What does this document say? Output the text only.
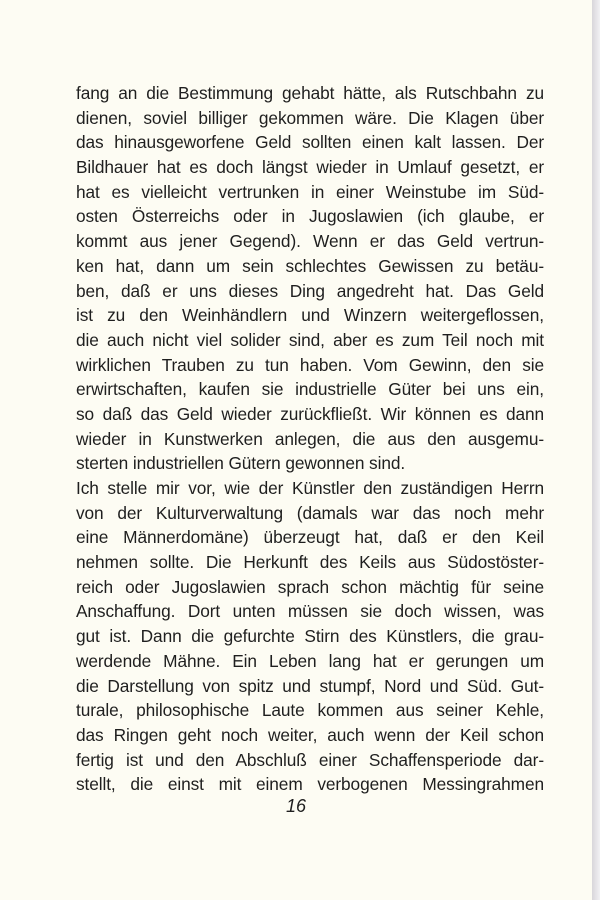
fang an die Bestimmung gehabt hätte, als Rutschbahn zu
dienen, soviel billiger gekommen wäre. Die Klagen über
das hinausgeworfene Geld sollten einen kalt lassen. Der
Bildhauer hat es doch längst wieder in Umlauf gesetzt, er
hat es vielleicht vertrunken in einer Weinstube im Süd-
osten Österreichs oder in Jugoslawien (ich glaube, er
kommt aus jener Gegend). Wenn er das Geld vertrun-
ken hat, dann um sein schlechtes Gewissen zu betäu-
ben, daß er uns dieses Ding angedreht hat. Das Geld
ist zu den Weinhändlern und Winzern weitergeflossen,
die auch nicht viel solider sind, aber es zum Teil noch mit
wirklichen Trauben zu tun haben. Vom Gewinn, den sie
erwirtschaften, kaufen sie industrielle Güter bei uns ein,
so daß das Geld wieder zurückfließt. Wir können es dann
wieder in Kunstwerken anlegen, die aus den ausgemu-
sterten industriellen Gütern gewonnen sind.
Ich stelle mir vor, wie der Künstler den zuständigen Herrn
von der Kulturverwaltung (damals war das noch mehr
eine Männerdomäne) überzeugt hat, daß er den Keil
nehmen sollte. Die Herkunft des Keils aus Südostöster-
reich oder Jugoslawien sprach schon mächtig für seine
Anschaffung. Dort unten müssen sie doch wissen, was
gut ist. Dann die gefurchte Stirn des Künstlers, die grau-
werdende Mähne. Ein Leben lang hat er gerungen um
die Darstellung von spitz und stumpf, Nord und Süd. Gut-
turale, philosophische Laute kommen aus seiner Kehle,
das Ringen geht noch weiter, auch wenn der Keil schon
fertig ist und den Abschluß einer Schaffensperiode dar-
stellt, die einst mit einem verbogenen Messingrahmen
16
